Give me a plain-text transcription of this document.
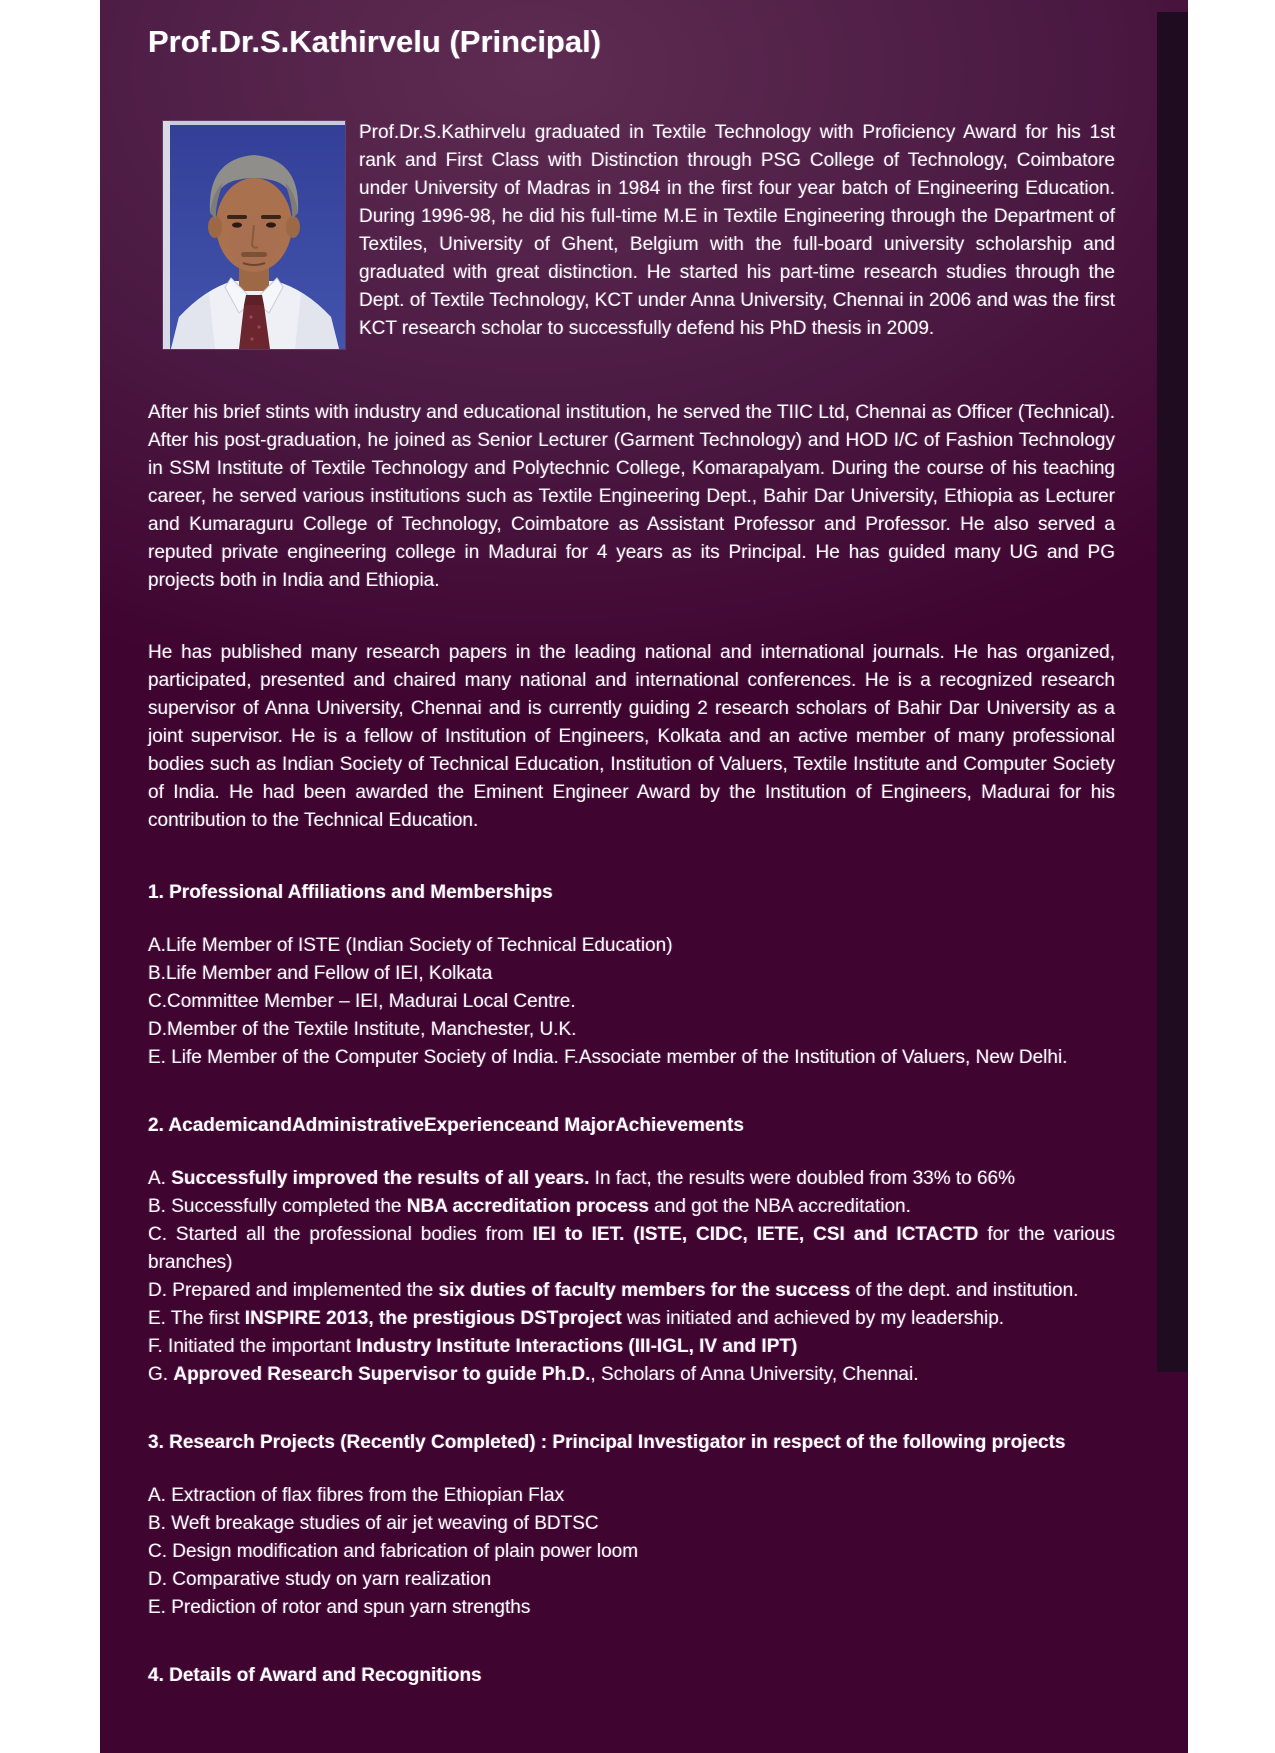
Prof.Dr.S.Kathirvelu (Principal)
Prof.Dr.S.Kathirvelu graduated in Textile Technology with Proficiency Award for his 1st rank and First Class with Distinction through PSG College of Technology, Coimbatore under University of Madras in 1984 in the first four year batch of Engineering Education. During 1996-98, he did his full-time M.E in Textile Engineering through the Department of Textiles, University of Ghent, Belgium with the full-board university scholarship and graduated with great distinction. He started his part-time research studies through the Dept. of Textile Technology, KCT under Anna University, Chennai in 2006 and was the first KCT research scholar to successfully defend his PhD thesis in 2009.

After his brief stints with industry and educational institution, he served the TIIC Ltd, Chennai as Officer (Technical). After his post-graduation, he joined as Senior Lecturer (Garment Technology) and HOD I/C of Fashion Technology in SSM Institute of Textile Technology and Polytechnic College, Komarapalyam. During the course of his teaching career, he served various institutions such as Textile Engineering Dept., Bahir Dar University, Ethiopia as Lecturer and Kumaraguru College of Technology, Coimbatore as Assistant Professor and Professor. He also served a reputed private engineering college in Madurai for 4 years as its Principal. He has guided many UG and PG projects both in India and Ethiopia.

He has published many research papers in the leading national and international journals. He has organized, participated, presented and chaired many national and international conferences. He is a recognized research supervisor of Anna University, Chennai and is currently guiding 2 research scholars of Bahir Dar University as a joint supervisor. He is a fellow of Institution of Engineers, Kolkata and an active member of many professional bodies such as Indian Society of Technical Education, Institution of Valuers, Textile Institute and Computer Society of India. He had been awarded the Eminent Engineer Award by the Institution of Engineers, Madurai for his contribution to the Technical Education.

1. Professional Affiliations and Memberships
A.Life Member of ISTE (Indian Society of Technical Education)
B.Life Member and Fellow of IEI, Kolkata
C.Committee Member – IEI, Madurai Local Centre.
D.Member of the Textile Institute, Manchester, U.K.
E. Life Member of the Computer Society of India. F.Associate member of the Institution of Valuers, New Delhi.
2. AcademicandAdministrativeExperienceand MajorAchievements
A. Successfully improved the results of all years. In fact, the results were doubled from 33% to 66%
B. Successfully completed the NBA accreditation process and got the NBA accreditation.
C. Started all the professional bodies from IEI to IET. (ISTE, CIDC, IETE, CSI and ICTACTD for the various branches)
D. Prepared and implemented the six duties of faculty members for the success of the dept. and institution.
E. The first INSPIRE 2013, the prestigious DSTproject was initiated and achieved by my leadership.
F. Initiated the important Industry Institute Interactions (III-IGL, IV and IPT)
G. Approved Research Supervisor to guide Ph.D., Scholars of Anna University, Chennai.
3. Research Projects (Recently Completed) : Principal Investigator in respect of the following projects
A. Extraction of flax fibres from the Ethiopian Flax
B. Weft breakage studies of air jet weaving of BDTSC
C. Design modification and fabrication of plain power loom
D. Comparative study on yarn realization
E. Prediction of rotor and spun yarn strengths
4. Details of Award and Recognitions
